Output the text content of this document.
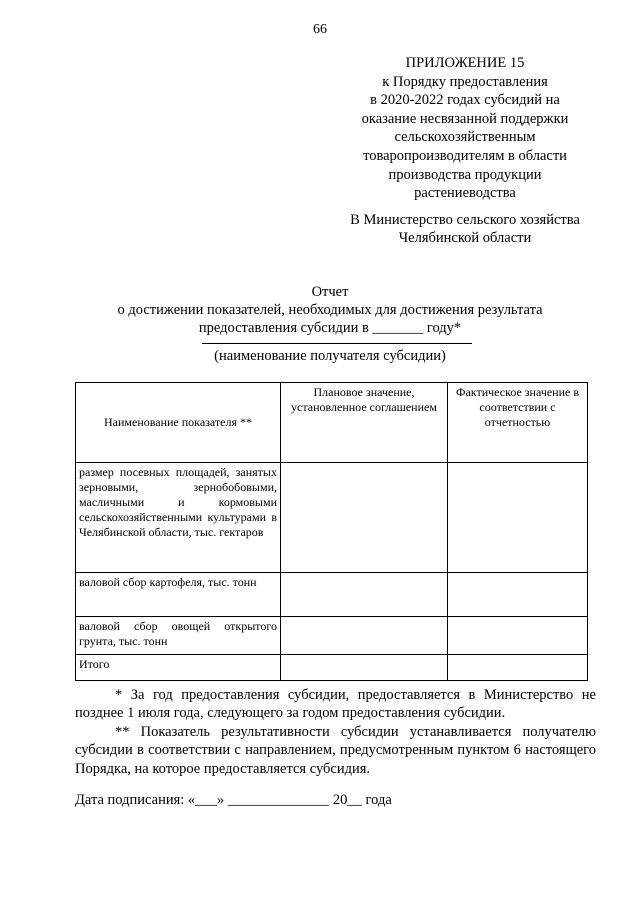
66
ПРИЛОЖЕНИЕ 15
к Порядку предоставления
в 2020-2022 годах субсидий на
оказание несвязанной поддержки
сельскохозяйственным
товаропроизводителям в области
производства продукции
растениеводства
В Министерство сельского хозяйства
Челябинской области
Отчет
о достижении показателей, необходимых для достижения результата
предоставления субсидии в _______ году*
(наименование получателя субсидии)
Наименование показателя **	Плановое значение, установленное соглашением	Фактическое значение в соответствии с отчетностью
размер посевных площадей, занятых зерновыми, зернобобовыми, масличными и кормовыми сельскохозяйственными культурами в Челябинской области, тыс. гектаров		
валовой сбор картофеля, тыс. тонн		
валовой сбор овощей открытого грунта, тыс. тонн		
Итого		

* За год предоставления субсидии, предоставляется в Министерство не позднее 1 июля года, следующего за годом предоставления субсидии.

** Показатель результативности субсидии устанавливается получателю субсидии в соответствии с направлением, предусмотренным пунктом 6 настоящего Порядка, на которое предоставляется субсидия.

Дата подписания: «___» ______________ 20__ года
